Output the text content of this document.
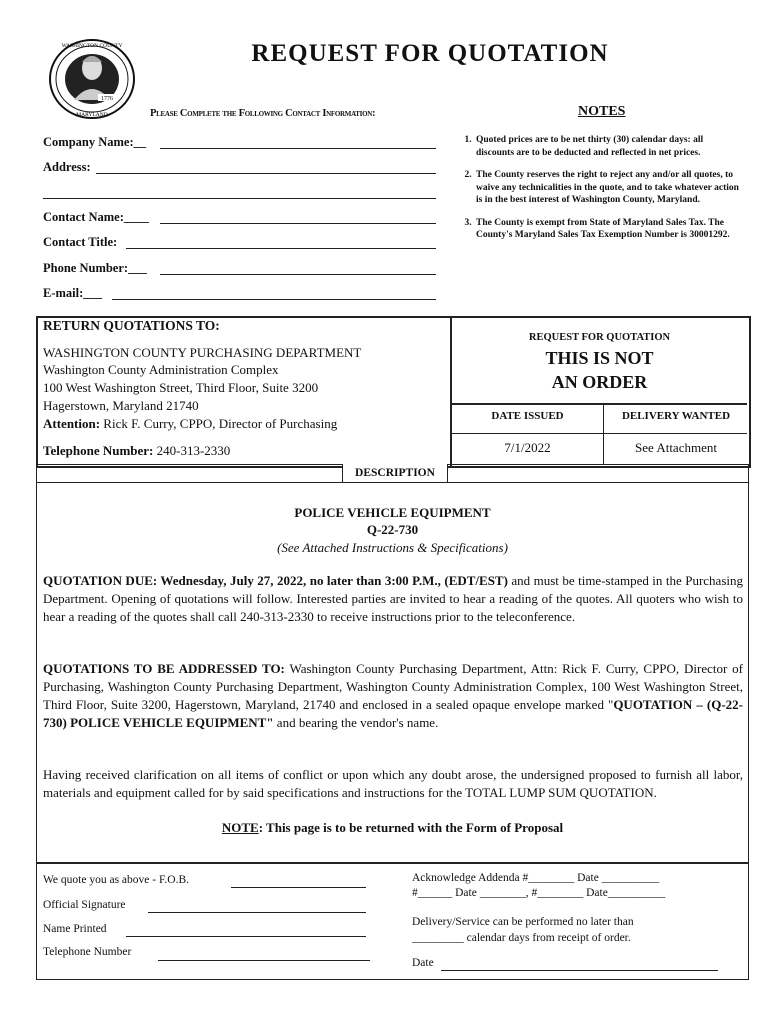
1776
WASHINGTON COUNTY
MARYLAND
REQUEST FOR QUOTATION
Please Complete the Following Contact Information:	NOTES
Company Name:__
Address:
Contact Name:____
Contact Title:
Phone Number:___
E-mail:___
1. Quoted prices are to be net thirty (30) calendar days: all discounts are to be deducted and reflected in net prices.
2. The County reserves the right to reject any and/or all quotes, to waive any technicalities in the quote, and to take whatever action is in the best interest of Washington County, Maryland.
3. The County is exempt from State of Maryland Sales Tax. The County's Maryland Sales Tax Exemption Number is 30001292.
RETURN QUOTATIONS TO:
WASHINGTON COUNTY PURCHASING DEPARTMENT
Washington County Administration Complex
100 West Washington Street, Third Floor, Suite 3200
Hagerstown, Maryland 21740
Attention: Rick F. Curry, CPPO, Director of Purchasing
Telephone Number: 240-313-2330
REQUEST FOR QUOTATION
THIS IS NOT
AN ORDER
DATE ISSUED	DELIVERY WANTED
7/1/2022	See Attachment
DESCRIPTION
POLICE VEHICLE EQUIPMENT
Q-22-730
(See Attached Instructions & Specifications)
QUOTATION DUE: Wednesday, July 27, 2022, no later than 3:00 P.M., (EDT/EST) and must be time-stamped in the Purchasing Department. Opening of quotations will follow. Interested parties are invited to hear a reading of the quotes. All quoters who wish to hear a reading of the quotes shall call 240-313-2330 to receive instructions prior to the teleconference.
QUOTATIONS TO BE ADDRESSED TO: Washington County Purchasing Department, Attn: Rick F. Curry, CPPO, Director of Purchasing, Washington County Purchasing Department, Washington County Administration Complex, 100 West Washington Street, Third Floor, Suite 3200, Hagerstown, Maryland, 21740 and enclosed in a sealed opaque envelope marked "QUOTATION – (Q-22-730) POLICE VEHICLE EQUIPMENT" and bearing the vendor's name.
Having received clarification on all items of conflict or upon which any doubt arose, the undersigned proposed to furnish all labor, materials and equipment called for by said specifications and instructions for the TOTAL LUMP SUM QUOTATION.
NOTE: This page is to be returned with the Form of Proposal
We quote you as above - F.O.B.
Official Signature
Name Printed
Telephone Number
Acknowledge Addenda #________ Date __________
#______ Date ________, #________ Date__________
Delivery/Service can be performed no later than
_________ calendar days from receipt of order.
Date
